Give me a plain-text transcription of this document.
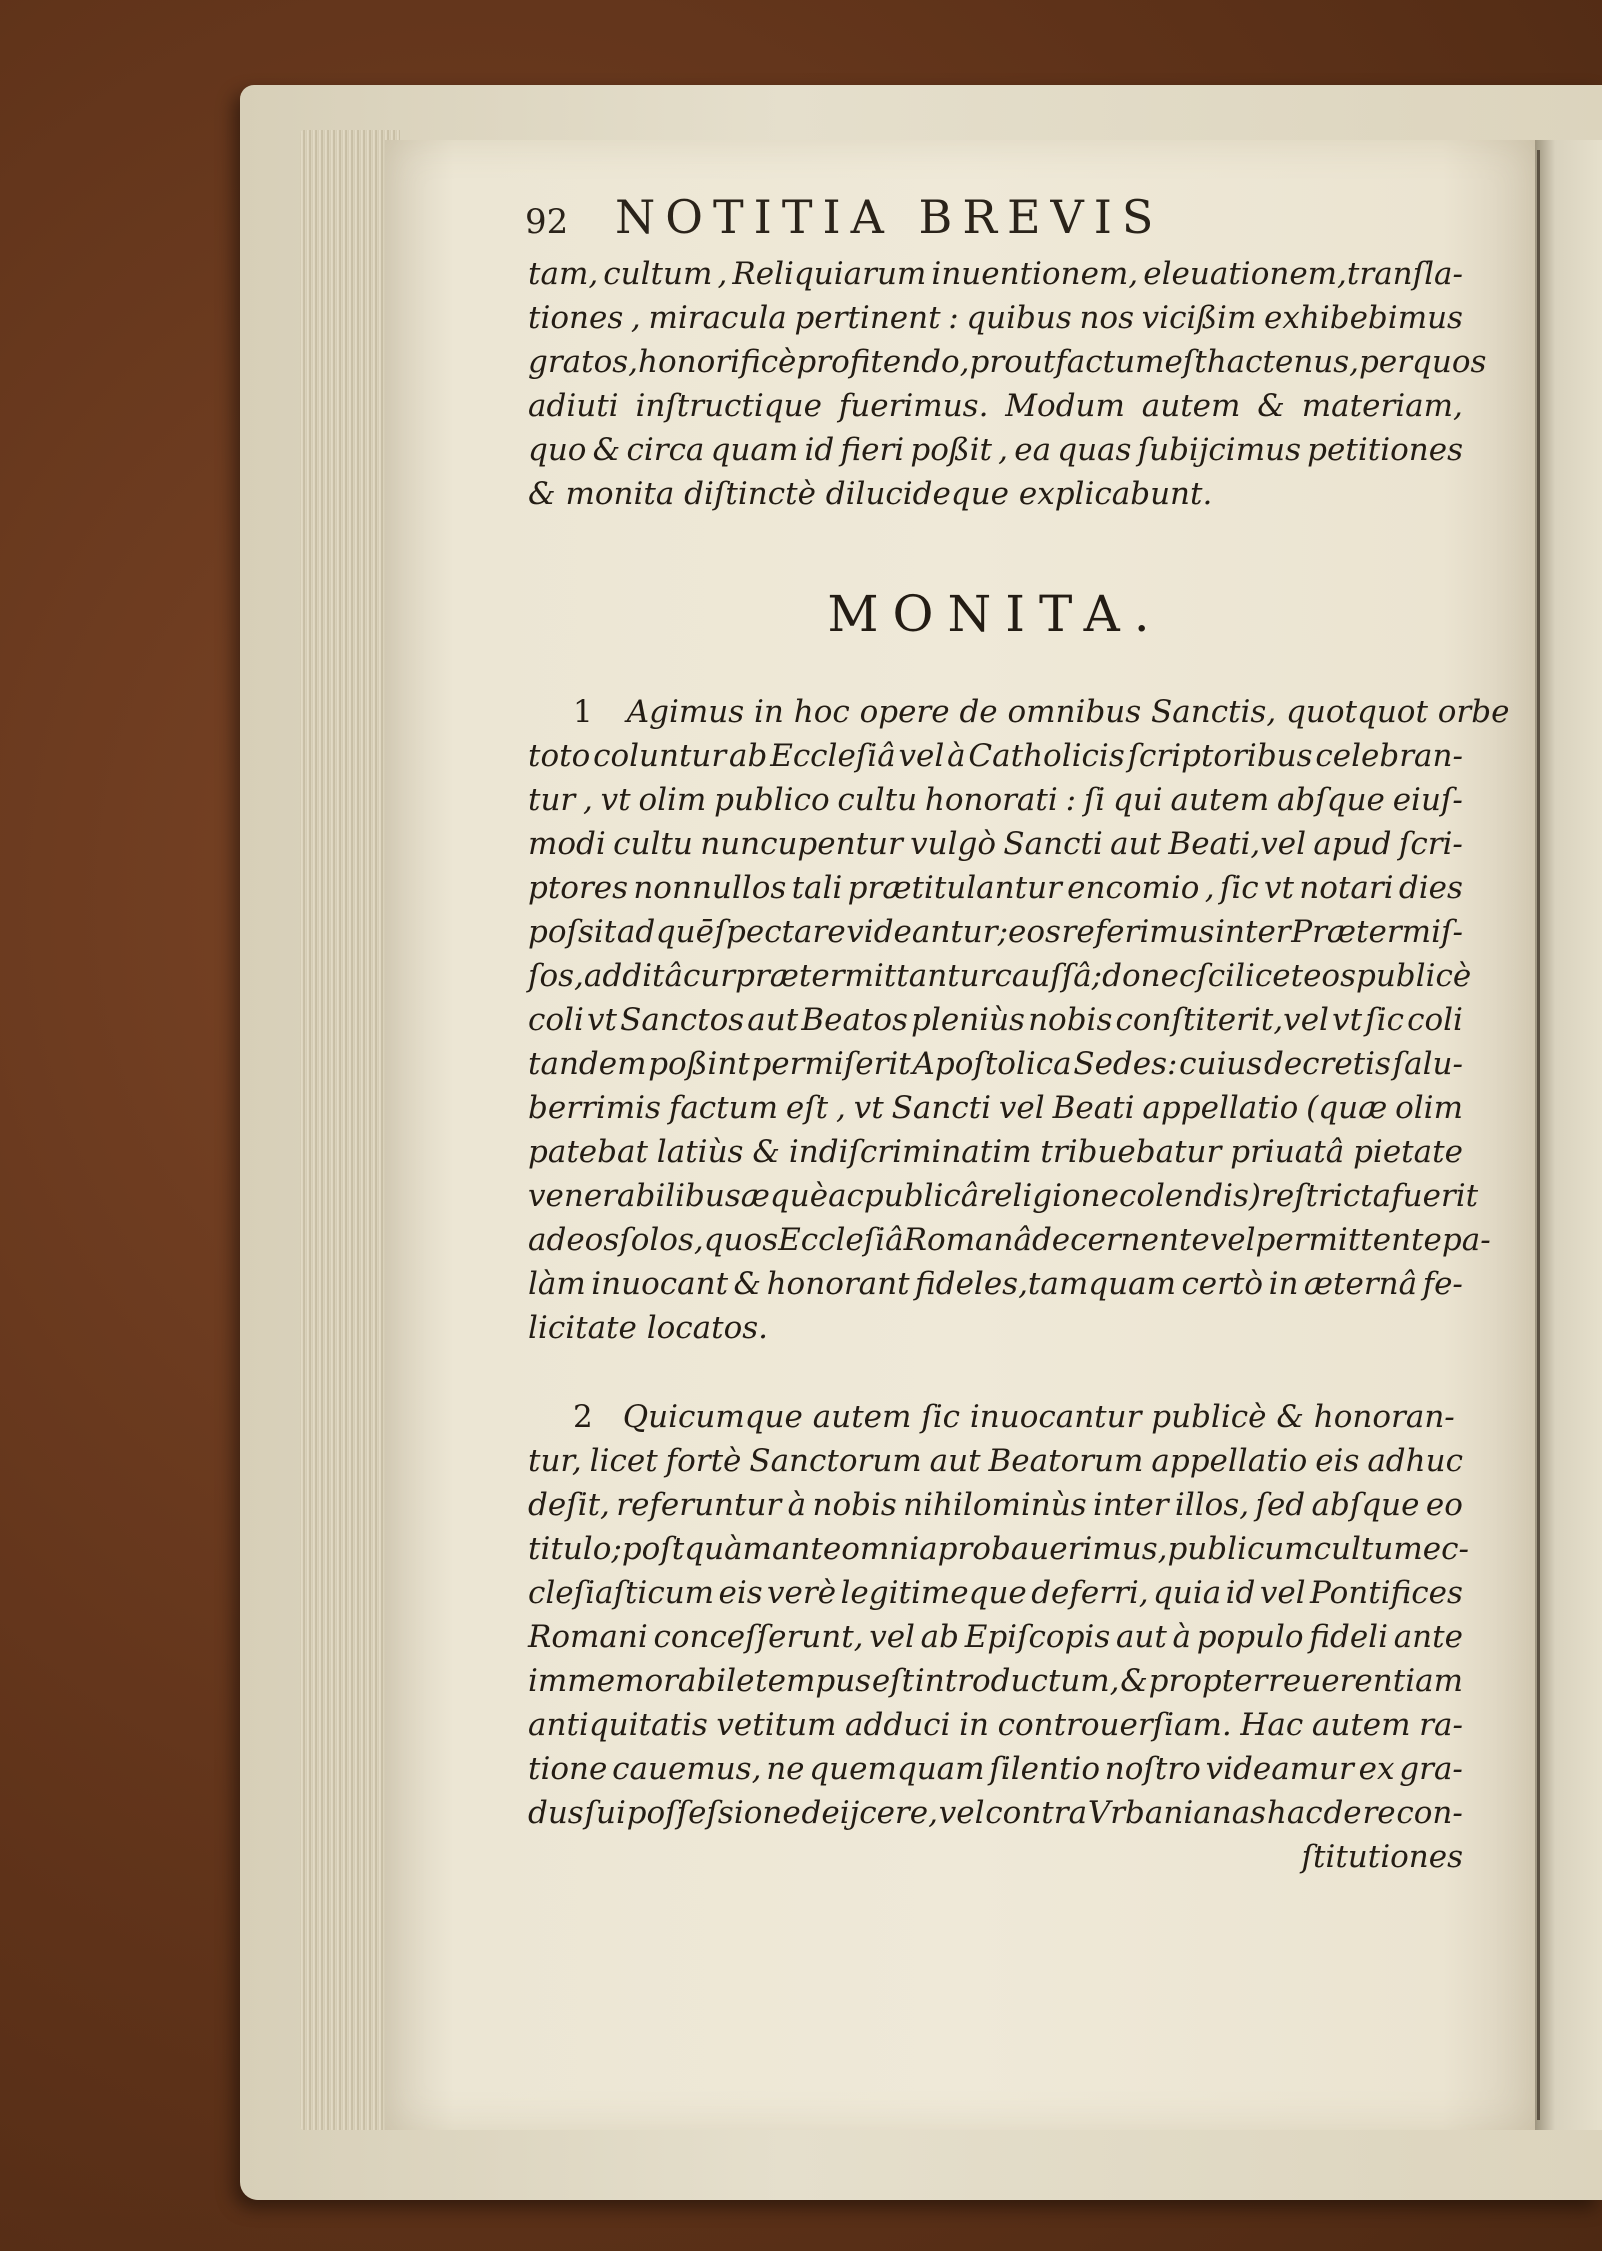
92	NOTITIA BREVIS
tam, cultum , Reliquiarum inuentionem, eleuationem,tranſla-
tiones , miracula pertinent : quibus nos vicißim exhibebimus
gratos,honorificè profitendo,prout factum eſt hactenus, per quos
adiuti inſtructique fuerimus. Modum autem & materiam,
quo & circa quam id fieri poßit , ea quas ſubijcimus petitiones
& monita diſtinctè dilucideque explicabunt.
MONITA.
1 Agimus in hoc opere de omnibus Sanctis, quotquot orbe
toto coluntur ab Eccleſiâ vel à Catholicis ſcriptoribus celebran-
tur , vt olim publico cultu honorati : ſi qui autem abſque eiuſ-
modi cultu nuncupentur vulgò Sancti aut Beati,vel apud ſcri-
ptores nonnullos tali prætitulantur encomio , ſic vt notari dies
poſsit ad quē ſpectare videantur;eos referimus inter Prætermiſ-
ſos, additâ cur prætermittantur cauſſâ; donec ſcilicet eos publicè
coli vt Sanctos aut Beatos pleniùs nobis conſtiterit,vel vt ſic coli
tandem poßint permiſerit Apoſtolica Sedes: cuius decretis ſalu-
berrimis factum eſt , vt Sancti vel Beati appellatio (quæ olim
patebat latiùs & indiſcriminatim tribuebatur priuatâ pietate
venerabilibus æquè ac publicâ religione colendis) reſtricta fuerit
ad eos ſolos,quos EccleſiâRomanâ decernente vel permittente pa-
làm inuocant & honorant fideles,tamquam certò in æternâ fe-
licitate locatos.
2 Quicumque autem ſic inuocantur publicè & honoran-
tur, licet fortè Sanctorum aut Beatorum appellatio eis adhuc
deſit, referuntur à nobis nihilominùs inter illos, ſed abſque eo
titulo;poſtquàm ante omnia probauerimus,publicum cultum ec-
cleſiaſticum eis verè legitimeque deferri, quia id vel Pontifices
Romani conceſſerunt, vel ab Epiſcopis aut à populo fideli ante
immemorabile tempus eſt introductum, & propter reuerentiam
antiquitatis vetitum adduci in controuerſiam. Hac autem ra-
tione cauemus, ne quemquam ſilentio noſtro videamur ex gra-
dus ſui poſſeſsione deijcere, vel contra Vrbanianas hac de re con-
ſtitutiones
